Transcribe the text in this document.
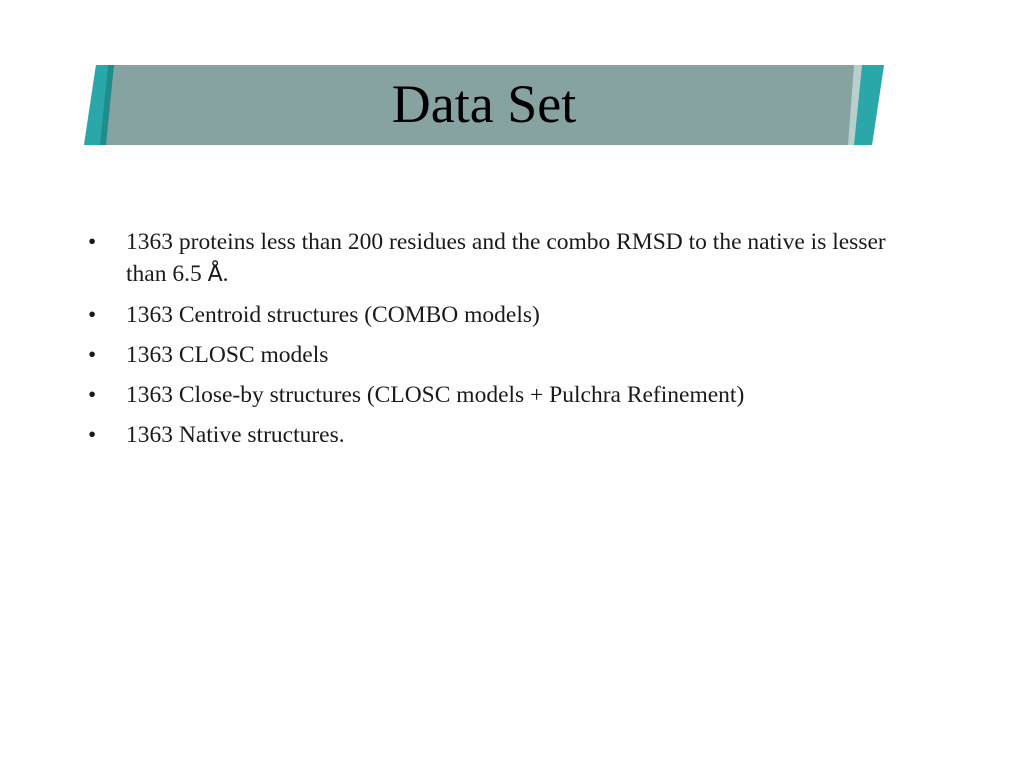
Data Set
• 1363 proteins less than 200 residues and the combo RMSD to the native is lesser than 6.5 Å.
• 1363 Centroid structures (COMBO models)
• 1363 CLOSC models
• 1363 Close-by structures (CLOSC models + Pulchra Refinement)
• 1363 Native structures.
